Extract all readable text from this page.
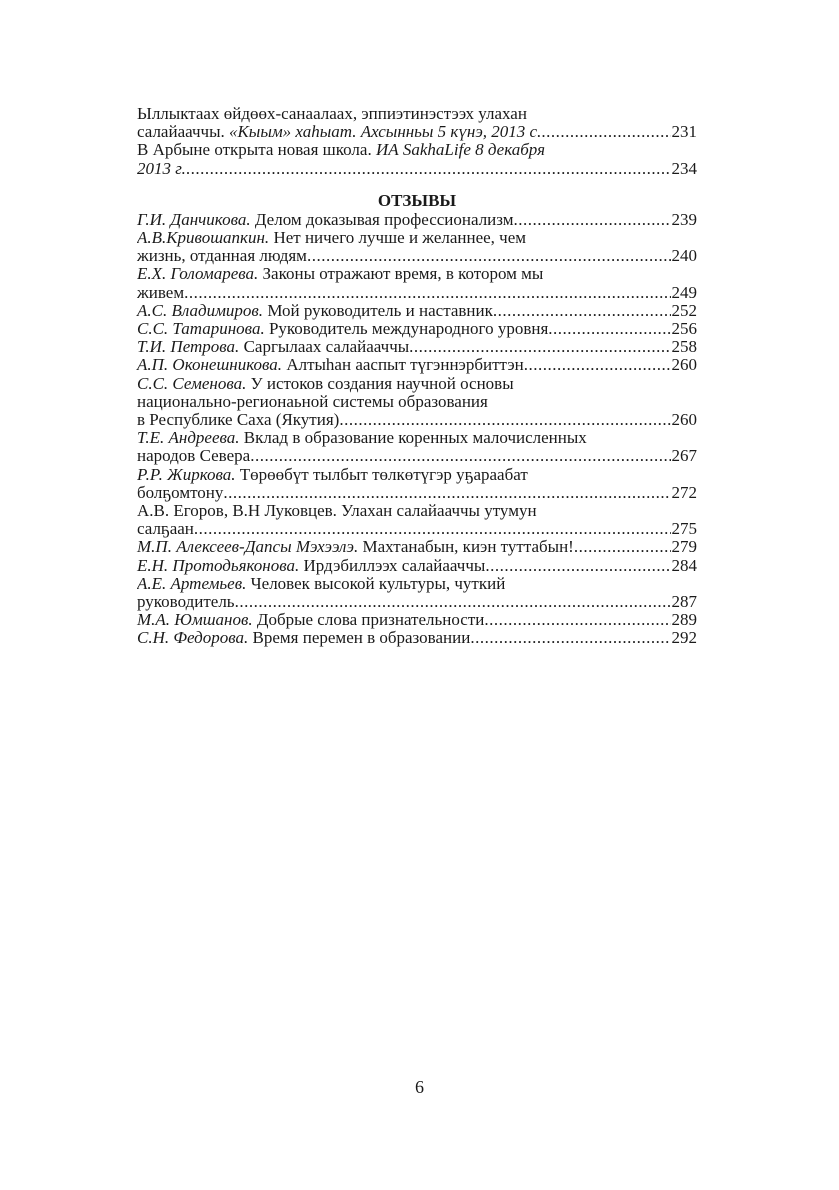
Ыллыктаах өйдөөх-санаалаах, эппиэтинэстээх улахан
салайааччы. «Кыым» хаһыат. Ахсынньы 5 күнэ, 2013 с. .....	231
В Арбыне открыта новая школа. ИА SakhaLife 8 декабря
2013 г. .....	234
ОТЗЫВЫ
Г.И. Данчикова. Делом доказывая профессионализм .....	239
А.В.Кривошапкин. Нет ничего лучше и желаннее, чем
жизнь, отданная людям .....	240
Е.Х. Голомарева. Законы отражают время, в котором мы
живем .....	249
А.С. Владимиров. Мой руководитель и наставник .....	252
С.С. Татаринова. Руководитель международного уровня .....	256
Т.И. Петрова. Саргылаах салайааччы .....	258
А.П. Оконешникова. Алтыһан ааспыт түгэннэрбиттэн .....	260
С.С. Семенова. У истоков создания научной основы
национально-регионаьной системы образования
в Республике Саха (Якутия) .....	260
Т.Е. Андреева. Вклад в образование коренных малочисленных
народов Севера .....	267
Р.Р. Жиркова. Төрөөбүт тылбыт төлкөтүгэр уҕараабат
болҕомтону .....	272
А.В. Егоров, В.Н Луковцев. Улахан салайааччы утумун
салҕаан .....	275
М.П. Алексеев-Дапсы Мэхээлэ. Махтанабын, киэн туттабын! .....	279
Е.Н. Протодьяконова. Ирдэбиллээх салайааччы .....	284
А.Е. Артемьев. Человек высокой культуры, чуткий
руководитель .....	287
М.А. Юмшанов. Добрые слова признательности .....	289
С.Н. Федорова. Время перемен в образовании .....	292
6
